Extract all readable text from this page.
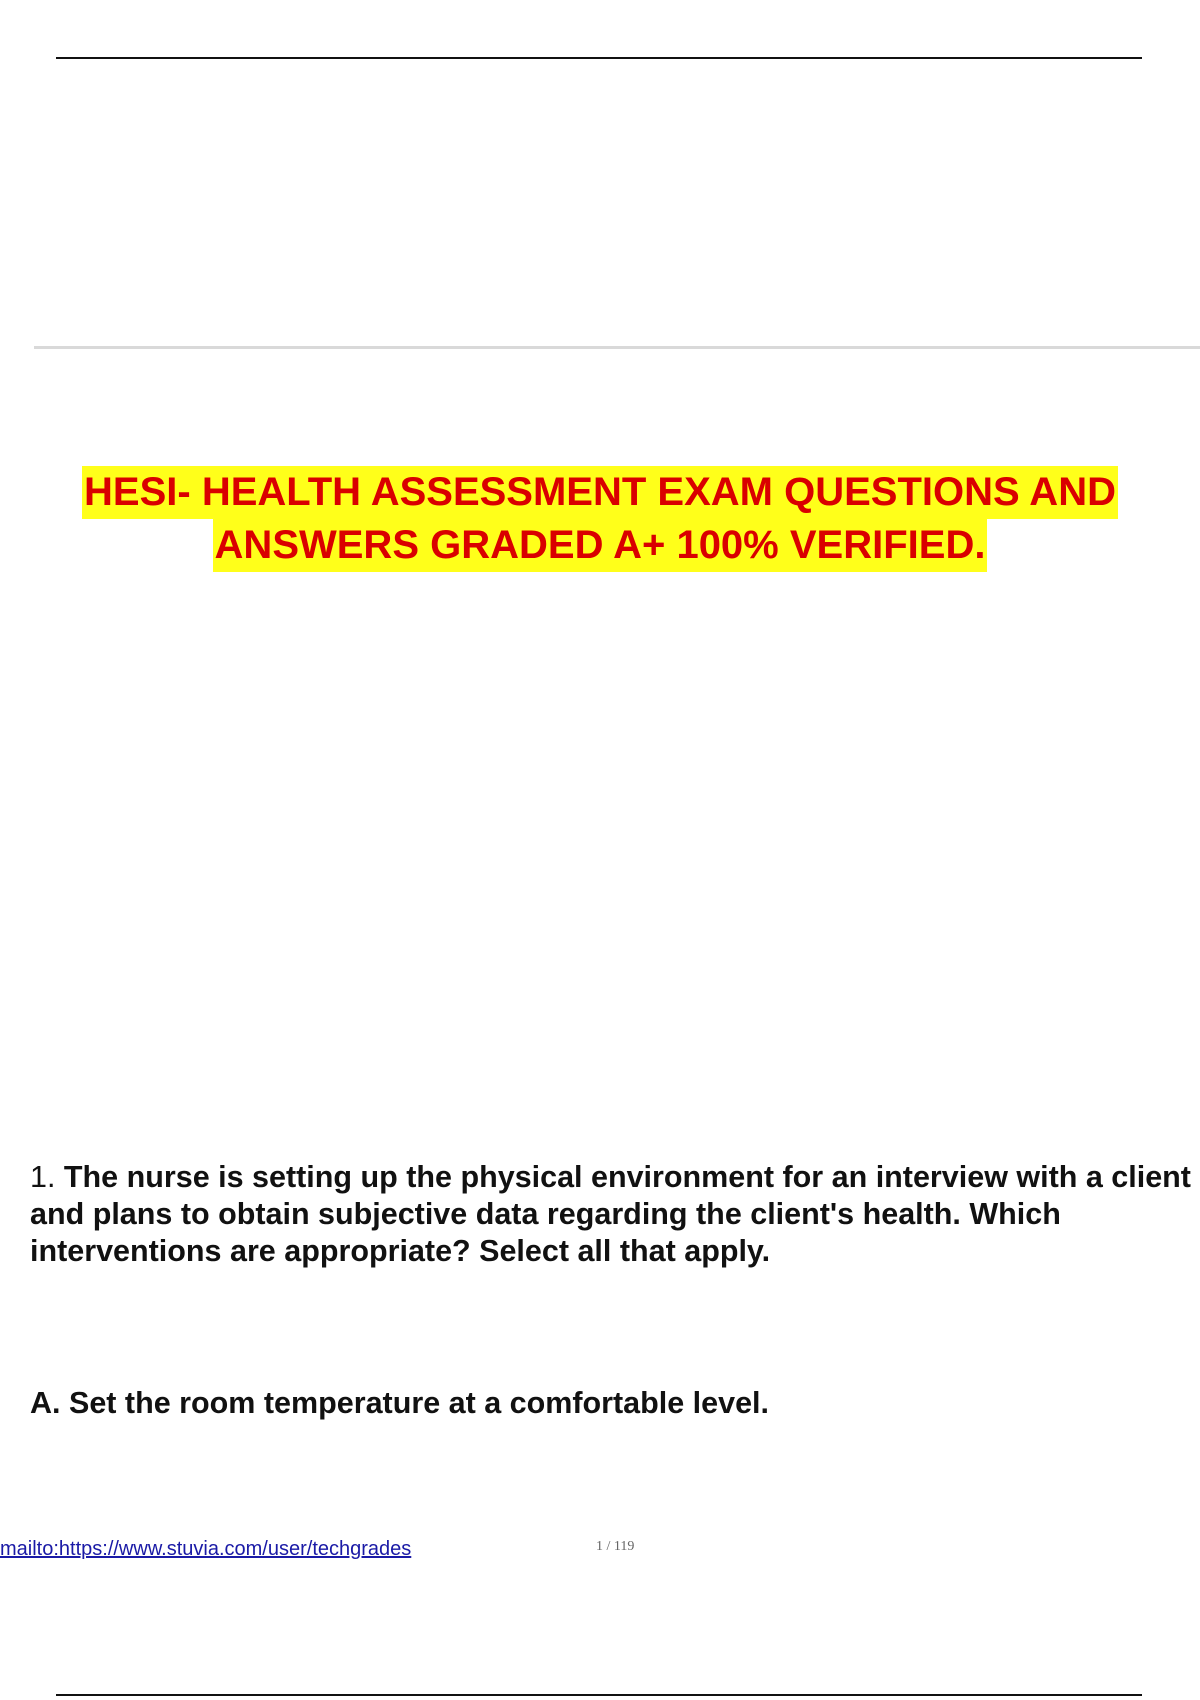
HESI- HEALTH ASSESSMENT EXAM QUESTIONS AND
ANSWERS GRADED A+ 100% VERIFIED.
1. The nurse is setting up the physical environment for an interview with a client and plans to obtain subjective data regarding the client's health. Which interventions are appropriate? Select all that apply.
A. Set the room temperature at a comfortable level.
mailto:https://www.stuvia.com/user/techgrades	1 / 119
